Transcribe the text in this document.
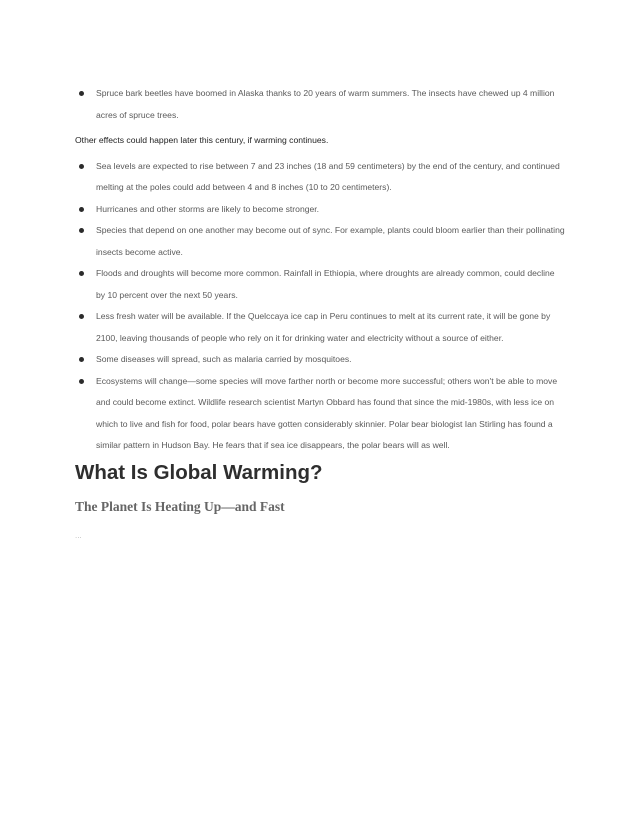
Spruce bark beetles have boomed in Alaska thanks to 20 years of warm summers. The insects have chewed up 4 million acres of spruce trees.

Other effects could happen later this century, if warming continues.

Sea levels are expected to rise between 7 and 23 inches (18 and 59 centimeters) by the end of the century, and continued melting at the poles could add between 4 and 8 inches (10 to 20 centimeters).
Hurricanes and other storms are likely to become stronger.
Species that depend on one another may become out of sync. For example, plants could bloom earlier than their pollinating insects become active.
Floods and droughts will become more common. Rainfall in Ethiopia, where droughts are already common, could decline by 10 percent over the next 50 years.
Less fresh water will be available. If the Quelccaya ice cap in Peru continues to melt at its current rate, it will be gone by 2100, leaving thousands of people who rely on it for drinking water and electricity without a source of either.
Some diseases will spread, such as malaria carried by mosquitoes.
Ecosystems will change—some species will move farther north or become more successful; others won't be able to move and could become extinct. Wildlife research scientist Martyn Obbard has found that since the mid-1980s, with less ice on which to live and fish for food, polar bears have gotten considerably skinnier. Polar bear biologist Ian Stirling has found a similar pattern in Hudson Bay. He fears that if sea ice disappears, the polar bears will as well.
What Is Global Warming?
The Planet Is Heating Up—and Fast
...
